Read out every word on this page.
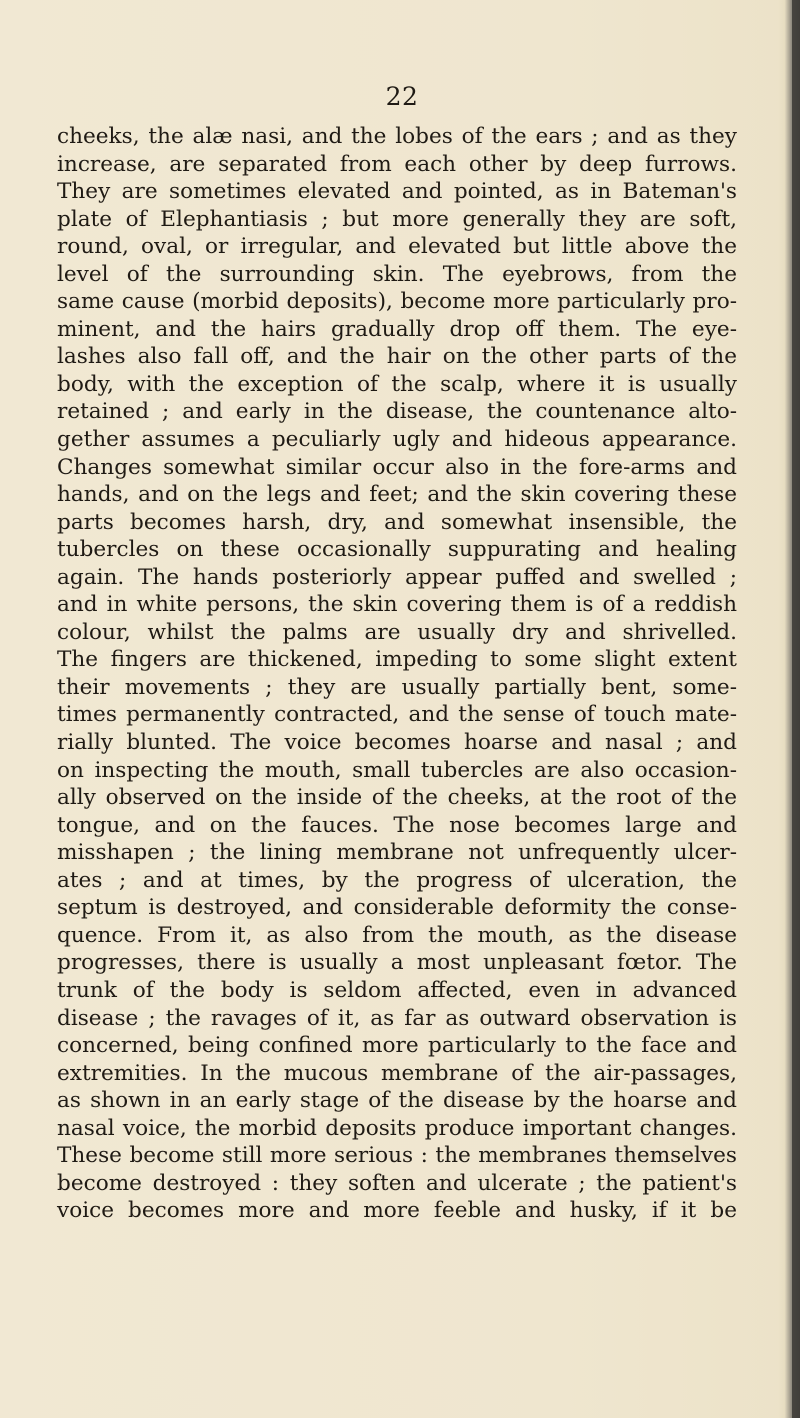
22
cheeks, the alæ nasi, and the lobes of the ears ; and as they
increase, are separated from each other by deep furrows.
They are sometimes elevated and pointed, as in Bateman's
plate of Elephantiasis ; but more generally they are soft,
round, oval, or irregular, and elevated but little above the
level of the surrounding skin. The eyebrows, from the
same cause (morbid deposits), become more particularly pro-
minent, and the hairs gradually drop off them. The eye-
lashes also fall off, and the hair on the other parts of the
body, with the exception of the scalp, where it is usually
retained ; and early in the disease, the countenance alto-
gether assumes a peculiarly ugly and hideous appearance.
Changes somewhat similar occur also in the fore-arms and
hands, and on the legs and feet; and the skin covering these
parts becomes harsh, dry, and somewhat insensible, the
tubercles on these occasionally suppurating and healing
again. The hands posteriorly appear puffed and swelled ;
and in white persons, the skin covering them is of a reddish
colour, whilst the palms are usually dry and shrivelled.
The fingers are thickened, impeding to some slight extent
their movements ; they are usually partially bent, some-
times permanently contracted, and the sense of touch mate-
rially blunted. The voice becomes hoarse and nasal ; and
on inspecting the mouth, small tubercles are also occasion-
ally observed on the inside of the cheeks, at the root of the
tongue, and on the fauces. The nose becomes large and
misshapen ; the lining membrane not unfrequently ulcer-
ates ; and at times, by the progress of ulceration, the
septum is destroyed, and considerable deformity the conse-
quence. From it, as also from the mouth, as the disease
progresses, there is usually a most unpleasant fœtor. The
trunk of the body is seldom affected, even in advanced
disease ; the ravages of it, as far as outward observation is
concerned, being confined more particularly to the face and
extremities. In the mucous membrane of the air-passages,
as shown in an early stage of the disease by the hoarse and
nasal voice, the morbid deposits produce important changes.
These become still more serious : the membranes themselves
become destroyed : they soften and ulcerate ; the patient's
voice becomes more and more feeble and husky, if it be
